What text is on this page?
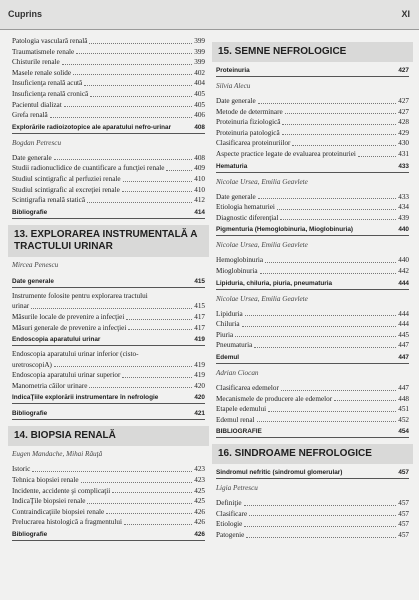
Cuprins	XI
Patologia vasculară renală	399
Traumatismele renale	399
Chisturile renale	399
Masele renale solide	402
Insuficienţa renală acută	404
Insuficienţa renală cronică	405
Pacientul dializat	405
Grefa renală	406
Explorările radioizotopice ale aparatului nefro-urinar	408
Bogdan Petrescu
Date generale	408
Studii radionuclidice de cuantificare a funcţiei renale	409
Studiul scintigrafic al perfuziei renale	410
Studiul scintigrafic al excreţiei renale	410
Scintigrafia renală statică	412
Bibliografie	414
13. EXPLORAREA INSTRUMENTALĂ A TRACTULUI URINAR
Mircea Penescu
Date generale	415
Instrumente folosite pentru explorarea tractului
urinar	415
Măsurile locale de prevenire a infecţiei	417
Măsuri generale de prevenire a infecţiei	417
Endoscopia aparatului urinar	419
Endoscopia aparatului urinar inferior (cisto-
uretroscopiA)	419
Endoscopia aparatului urinar superior	419
Manometria căilor urinare	420
IndicaŢiile explorării instrumentare în nefrologie	420
Bibliografie	421
14. BIOPSIA RENALĂ
Eugen Mandache, Mihai Răuţă
Istoric	423
Tehnica biopsiei renale	423
Incidente, accidente şi complicaţii	425
IndicaŢile biopsiei renale	425
Contraindicaţiile biopsiei renale	426
Prelucrarea histologică a fragmentului	426
Bibliografie	426
15. SEMNE NEFROLOGICE
Proteinuria	427
Silvia Alecu
Date generale	427
Metode de determinare	427
Proteinuria fiziologică	428
Proteinuria patologică	429
Clasificarea proteinuriilor	430
Aspecte practice legate de evaluarea proteinuriei	431
Hematuria	433
Nicolae Ursea, Emilia Geavlete
Date generale	433
Etiologia hematuriei	434
Diagnostic diferenţial	439
Pigmenturia (Hemoglobinuria, Mioglobinuria)	440
Nicolae Ursea, Emilia Geavlete
Hemoglobinuria	440
Mioglobinuria	442
Lipiduria, chiluria, piuria, pneumaturia	444
Nicolae Ursea, Emilia Geavlete
Lipiduria	444
Chiluria	444
Piuria	445
Pneumaturia	447
Edemul	447
Adrian Ciocan
Clasificarea edemelor	447
Mecanismele de producere ale edemelor	448
Etapele edemului	451
Edemul renal	452
BIBLIOGRAFIE	454
16. SINDROAME NEFROLOGICE
Sindromul nefritic (sindromul glomerular)	457
Ligia Petrescu
Definiţie	457
Clasificare	457
Etiologie	457
Patogenie	457
